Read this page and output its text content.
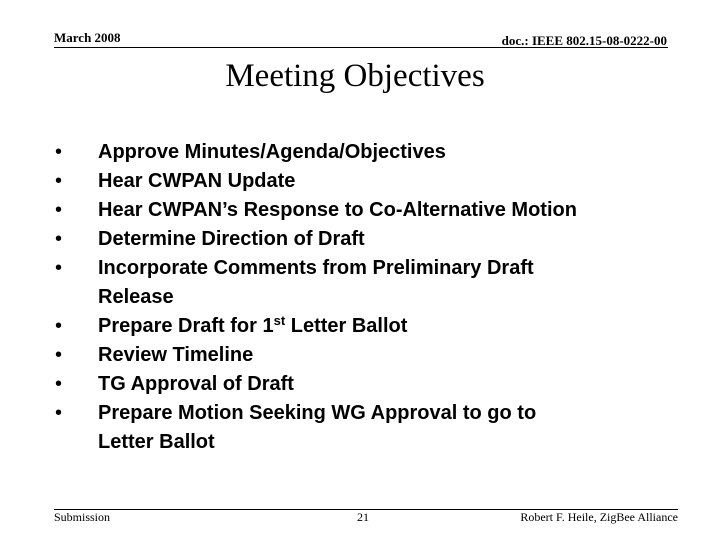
March 2008	doc.: IEEE 802.15-08-0222-00
Meeting Objectives
• Approve Minutes/Agenda/Objectives
• Hear CWPAN Update
• Hear CWPAN’s Response to Co-Alternative Motion
• Determine Direction of Draft
• Incorporate Comments from Preliminary Draft
Release
• Prepare Draft for 1st Letter Ballot
• Review Timeline
• TG Approval of Draft
• Prepare Motion Seeking WG Approval to go to
Letter Ballot
Submission	21	Robert F. Heile, ZigBee Alliance
